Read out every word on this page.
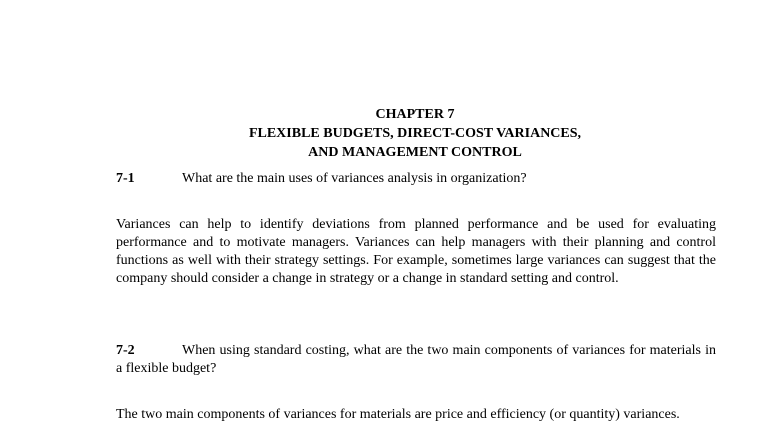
CHAPTER 7
FLEXIBLE BUDGETS, DIRECT-COST VARIANCES,
AND MANAGEMENT CONTROL
7-1	What are the main uses of variances analysis in organization?

Variances can help to identify deviations from planned performance and be used for evaluating performance and to motivate managers. Variances can help managers with their planning and control functions as well with their strategy settings. For example, sometimes large variances can suggest that the company should consider a change in strategy or a change in standard setting and control.

7-2	When using standard costing, what are the two main components of variances for materials in a flexible budget?

The two main components of variances for materials are price and efficiency (or quantity) variances.
